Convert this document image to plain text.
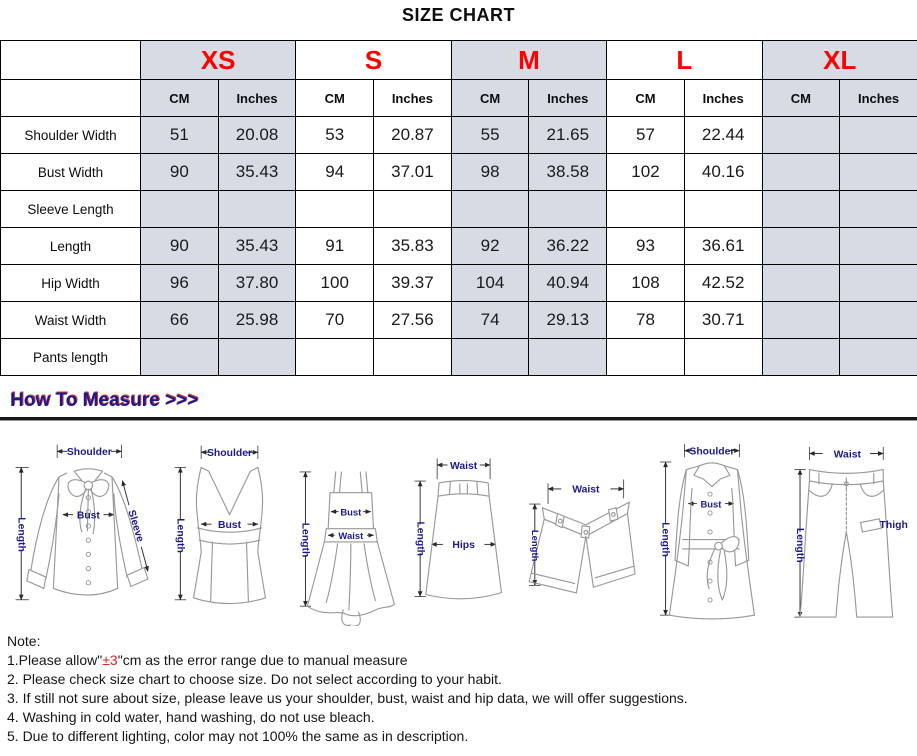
SIZE CHART
	XS		S		M		L		XL	
	CM	Inches	CM	Inches	CM	Inches	CM	Inches	CM	Inches
Shoulder Width	51	20.08	53	20.87	55	21.65	57	22.44		
Bust Width	90	35.43	94	37.01	98	38.58	102	40.16		
Sleeve Length										
Length	90	35.43	91	35.83	92	36.22	93	36.61		
Hip Width	96	37.80	100	39.37	104	40.94	108	42.52		
Waist Width	66	25.98	70	27.56	74	29.13	78	30.71		
Pants length										
How To Measure >>>
Shoulder
Length
Bust Sleeve
Shoulder
Length	Bust	Length
Bust
Waist
Waist
Length Hips
Waist
Length
Shoulder
Length
Bust
Waist
Length
Thigh
Note:
1.Please allow"±3"cm as the error range due to manual measure
2. Please check size chart to choose size. Do not select according to your habit.
3. If still not sure about size, please leave us your shoulder, bust, waist and hip data, we will offer suggestions.
4. Washing in cold water, hand washing, do not use bleach.
5. Due to different lighting, color may not 100% the same as in description.
